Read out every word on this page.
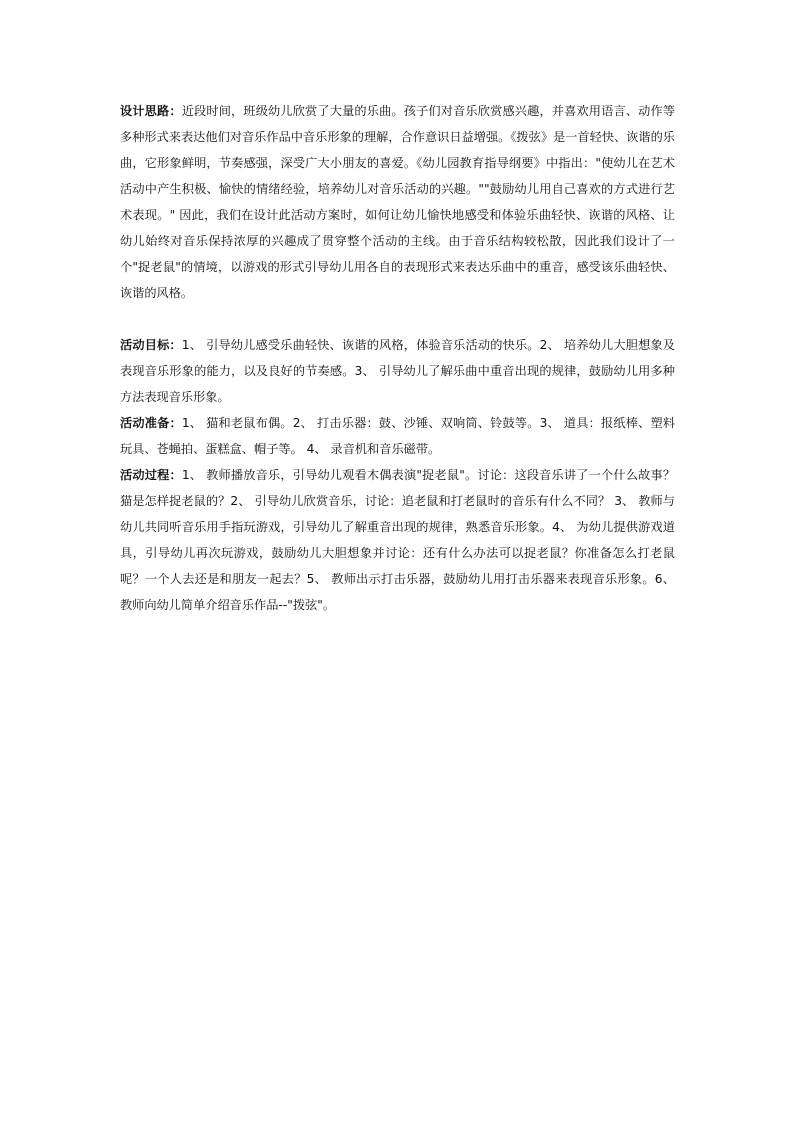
设计思路：近段时间，班级幼儿欣赏了大量的乐曲。孩子们对音乐欣赏感兴趣，并喜欢用语言、动作等多种形式来表达他们对音乐作品中音乐形象的理解，合作意识日益增强。《拨弦》是一首轻快、诙谐的乐曲，它形象鲜明，节奏感强，深受广大小朋友的喜爱。《幼儿园教育指导纲要》中指出："使幼儿在艺术活动中产生积极、愉快的情绪经验，培养幼儿对音乐活动的兴趣。""鼓励幼儿用自己喜欢的方式进行艺术表现。" 因此，我们在设计此活动方案时，如何让幼儿愉快地感受和体验乐曲轻快、诙谐的风格、让幼儿始终对音乐保持浓厚的兴趣成了贯穿整个活动的主线。由于音乐结构较松散，因此我们设计了一个"捉老鼠"的情境，以游戏的形式引导幼儿用各自的表现形式来表达乐曲中的重音，感受该乐曲轻快、诙谐的风格。

活动目标：1、 引导幼儿感受乐曲轻快、诙谐的风格，体验音乐活动的快乐。2、 培养幼儿大胆想象及表现音乐形象的能力，以及良好的节奏感。3、 引导幼儿了解乐曲中重音出现的规律，鼓励幼儿用多种方法表现音乐形象。

活动准备：1、 猫和老鼠布偶。2、 打击乐器：鼓、沙锤、双响筒、铃鼓等。3、 道具：报纸棒、塑料玩具、苍蝇拍、蛋糕盒、帽子等。 4、 录音机和音乐磁带。

活动过程：1、 教师播放音乐，引导幼儿观看木偶表演"捉老鼠"。讨论：这段音乐讲了一个什么故事？猫是怎样捉老鼠的？2、 引导幼儿欣赏音乐，讨论：追老鼠和打老鼠时的音乐有什么不同？ 3、 教师与幼儿共同听音乐用手指玩游戏，引导幼儿了解重音出现的规律，熟悉音乐形象。4、 为幼儿提供游戏道具，引导幼儿再次玩游戏，鼓励幼儿大胆想象并讨论：还有什么办法可以捉老鼠？你准备怎么打老鼠呢？一个人去还是和朋友一起去？5、 教师出示打击乐器，鼓励幼儿用打击乐器来表现音乐形象。6、 教师向幼儿简单介绍音乐作品--"拨弦"。
